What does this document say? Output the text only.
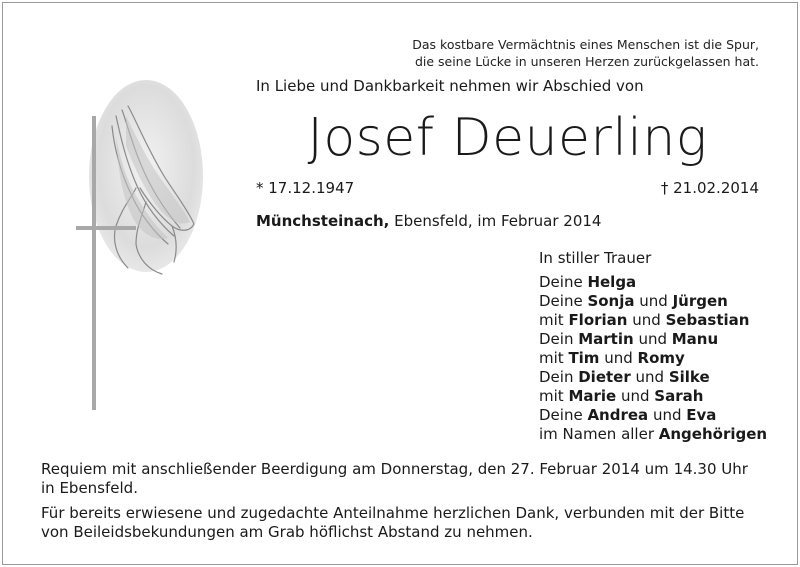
Das kostbare Vermächtnis eines Menschen ist die Spur,
die seine Lücke in unseren Herzen zurückgelassen hat.
In Liebe und Dankbarkeit nehmen wir Abschied von
Josef Deuerling
* 17.12.1947	† 21.02.2014
Münchsteinach, Ebensfeld, im Februar 2014
In stiller Trauer
Deine Helga
Deine Sonja und Jürgen
mit Florian und Sebastian
Dein Martin und Manu
mit Tim und Romy
Dein Dieter und Silke
mit Marie und Sarah
Deine Andrea und Eva
im Namen aller Angehörigen

Requiem mit anschließender Beerdigung am Donnerstag, den 27. Februar 2014 um 14.30 Uhr
in Ebensfeld.

Für bereits erwiesene und zugedachte Anteilnahme herzlichen Dank, verbunden mit der Bitte
von Beileidsbekundungen am Grab höflichst Abstand zu nehmen.
